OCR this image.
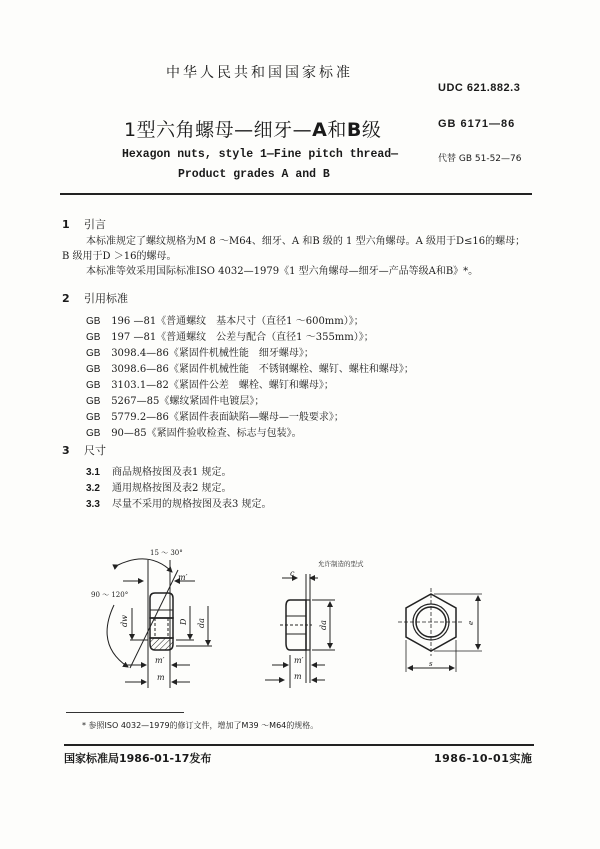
中华人民共和国国家标准
UDC 621.882.3
1型六角螺母—细牙—A和B级	GB 6171—86
Hexagon nuts, style 1—Fine pitch thread—
Product grades A and B
代替 GB 51-52—76
1 引言
本标准规定了螺纹规格为M 8 ～M64、细牙、A 和B 级的 1 型六角螺母。A 级用于D≤16的螺母；
B 级用于D ＞16的螺母。
本标准等效采用国际标准ISO 4032—1979《1 型六角螺母—细牙—产品等级A和B》*。
2 引用标准
GB 196 —81《普通螺纹　基本尺寸（直径1 ～600mm）》；
GB 197 —81《普通螺纹　公差与配合（直径1 ～355mm）》；
GB 3098.4—86《紧固件机械性能　细牙螺母》；
GB 3098.6—86《紧固件机械性能　不锈钢螺栓、螺钉、螺柱和螺母》；
GB 3103.1—82《紧固件公差　螺栓、螺钉和螺母》；
GB 5267—85《螺纹紧固件电镀层》；
GB 5779.2—86《紧固件表面缺陷—螺母—一般要求》；
GB 90—85《紧固件验收检查、标志与包装》。
3 尺寸
3.1 商品规格按图及表1 规定。
3.2 通用规格按图及表2 规定。
3.3 尽量不采用的规格按图及表3 规定。
15 ～ 30°
90 ～ 120°
m′
m′
m
dw	D da
允许制造的型式
c
da
m′
m
e
s
* 参照ISO 4032—1979的修订文件，增加了M39 ～M64的规格。
国家标准局1986-01-17发布	1986-10-01实施
